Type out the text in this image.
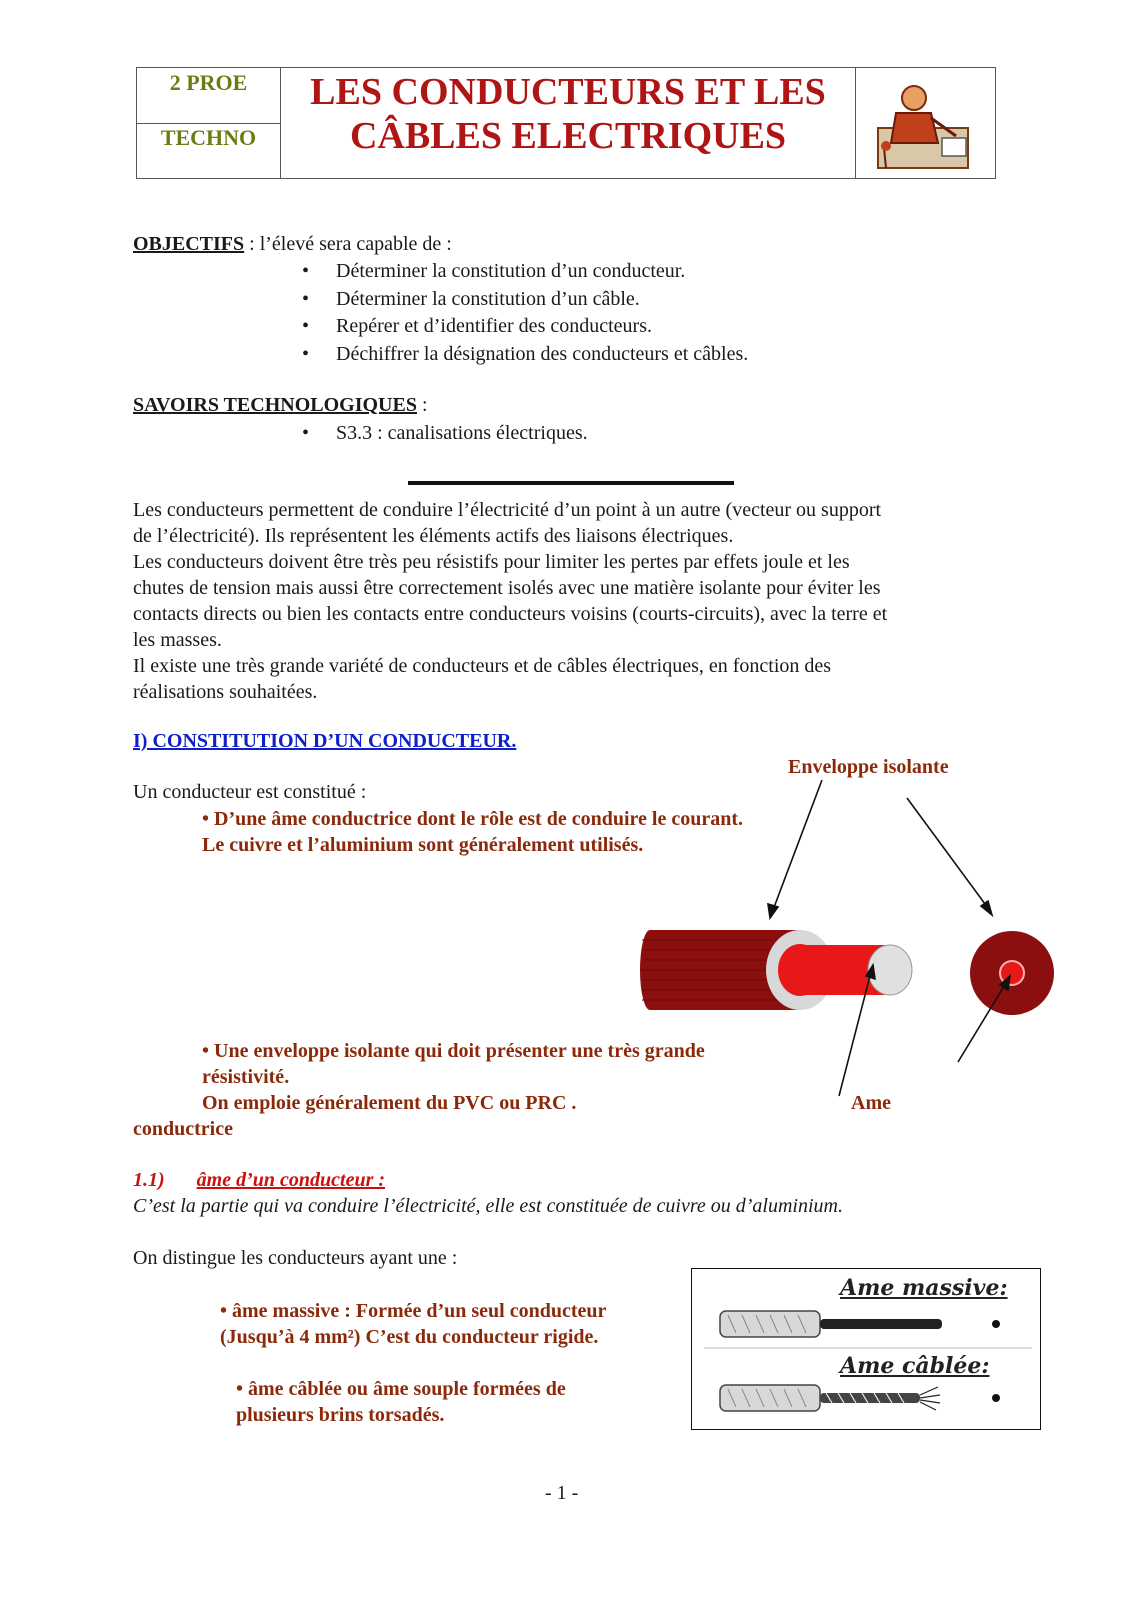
2 PROE
TECHNO
LES CONDUCTEURS ET LES
CÂBLES ELECTRIQUES
OBJECTIFS : l’élevé sera capable de :
• Déterminer la constitution d’un conducteur.
• Déterminer la constitution d’un câble.
• Repérer et d’identifier des conducteurs.
• Déchiffrer la désignation des conducteurs et câbles.
SAVOIRS TECHNOLOGIQUES :
• S3.3 : canalisations électriques.

Les conducteurs permettent de conduire l’électricité d’un point à un autre (vecteur ou support

de l’électricité). Ils représentent les éléments actifs des liaisons électriques.

Les conducteurs doivent être très peu résistifs pour limiter les pertes par effets joule et les

chutes de tension mais aussi être correctement isolés avec une matière isolante pour éviter les

contacts directs ou bien les contacts entre conducteurs voisins (courts-circuits), avec la terre et

les masses.

Il existe une très grande variété de conducteurs et de câbles électriques, en fonction des

réalisations souhaitées.

I) CONSTITUTION D’UN CONDUCTEUR.
Enveloppe isolante
Un conducteur est constitué :
• D’une âme conductrice dont le rôle est de conduire le courant.
Le cuivre et l’aluminium sont généralement utilisés.
• Une enveloppe isolante qui doit présenter une très grande
résistivité.
On emploie généralement du PVC ou PRC .	Ame
conductrice
1.1) âme d’un conducteur :
C’est la partie qui va conduire l’électricité, elle est constituée de cuivre ou d’aluminium.
On distingue les conducteurs ayant une :
• âme massive : Formée d’un seul conducteur
(Jusqu’à 4 mm²) C’est du conducteur rigide.
• âme câblée ou âme souple formées de
plusieurs brins torsadés.
Ame massive:
Ame câblée:
- 1 -
